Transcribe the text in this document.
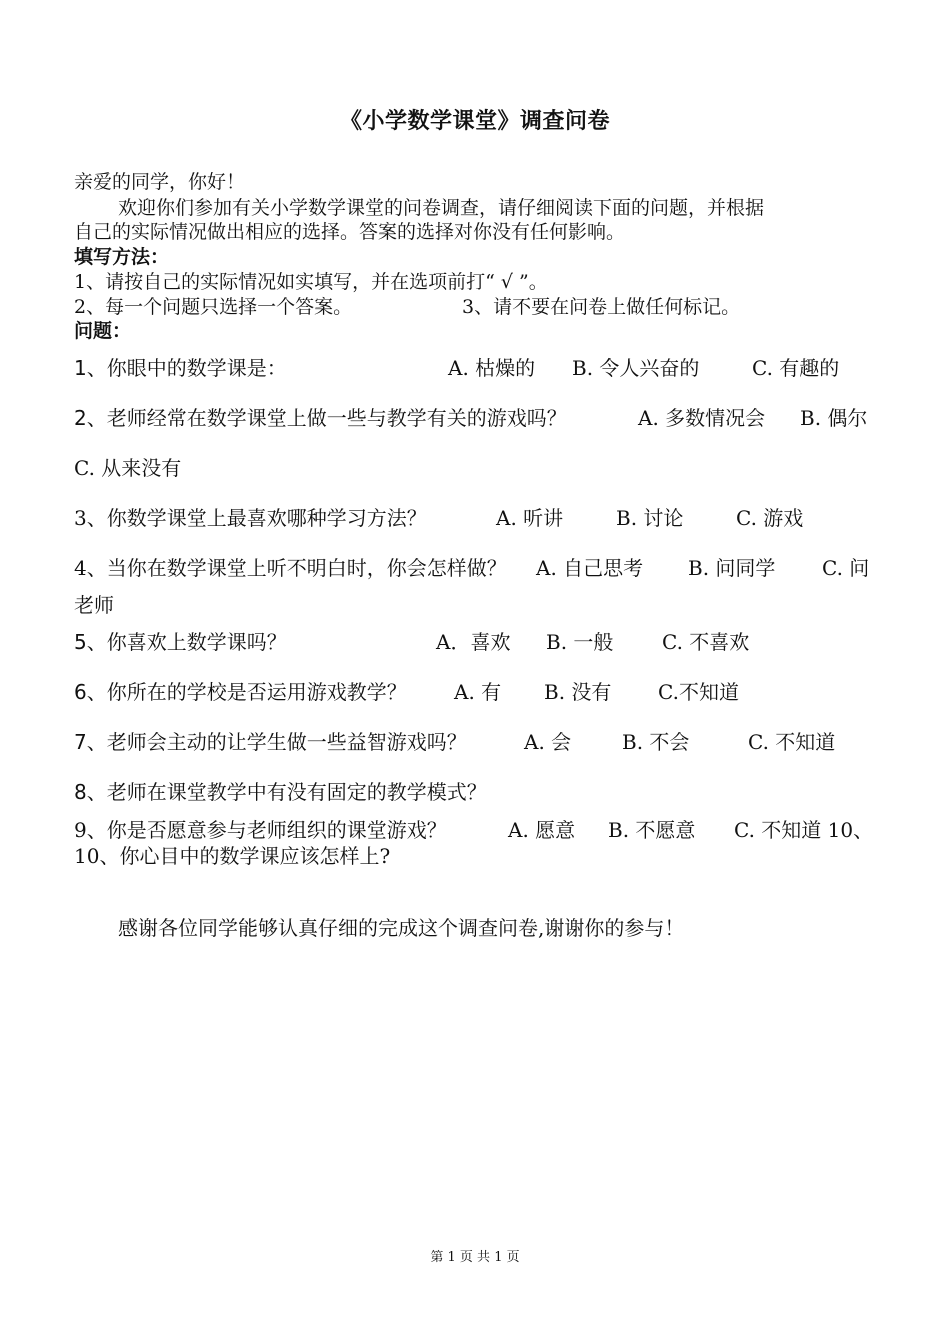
《小学数学课堂》调查问卷
亲爱的同学，你好！
欢迎你们参加有关小学数学课堂的问卷调查，请仔细阅读下面的问题，并根据
自己的实际情况做出相应的选择。答案的选择对你没有任何影响。
填写方法：
1、请按自己的实际情况如实填写，并在选项前打“ √ ”。
2、每一个问题只选择一个答案。	3、请不要在问卷上做任何标记。
问题：
1、你眼中的数学课是：	A. 枯燥的 B. 令人兴奋的	C. 有趣的
2、老师经常在数学课堂上做一些与教学有关的游戏吗？	A. 多数情况会 B. 偶尔
C. 从来没有
3、你数学课堂上最喜欢哪种学习方法？	A. 听讲	B. 讨论	C. 游戏
4、当你在数学课堂上听不明白时，你会怎样做？ A. 自己思考 B. 问同学 C. 问
老师
5、你喜欢上数学课吗？	A．喜欢 B. 一般 C. 不喜欢
6、你所在的学校是否运用游戏教学？ A. 有 B. 没有 C.不知道
7、老师会主动的让学生做一些益智游戏吗？	A. 会	B. 不会	C. 不知道
8、老师在课堂教学中有没有固定的教学模式？
9、你是否愿意参与老师组织的课堂游戏？	A. 愿意 B. 不愿意 C. 不知道 10、
10、你心目中的数学课应该怎样上?
感谢各位同学能够认真仔细的完成这个调查问卷,谢谢你的参与！
第 1 页 共 1 页
